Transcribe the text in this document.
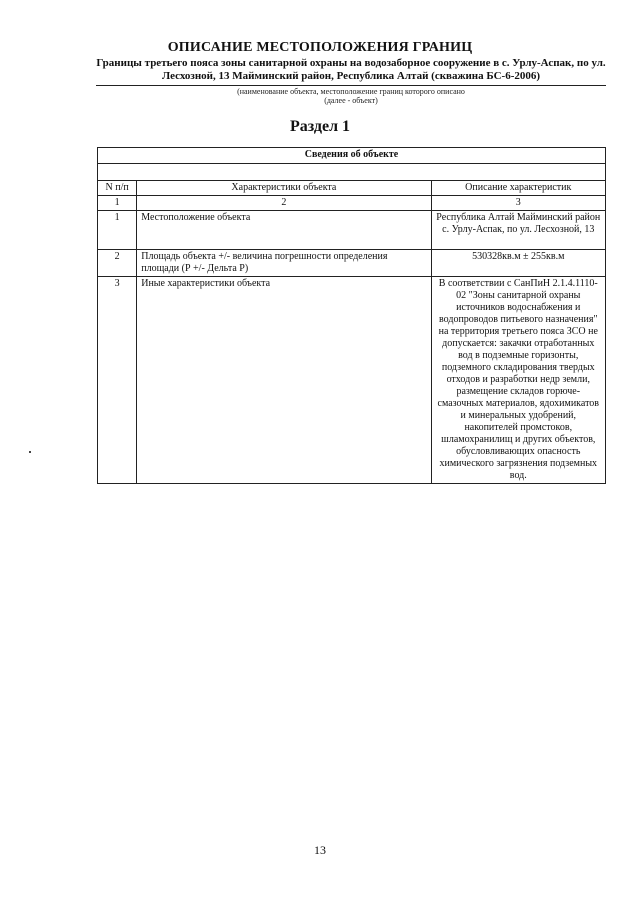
ОПИСАНИЕ МЕСТОПОЛОЖЕНИЯ ГРАНИЦ
Границы третьего пояса зоны санитарной охраны на водозаборное сооружение в с. Урлу-Аспак, по ул. Лесхозной, 13 Майминский район, Республика Алтай (скважина БС-6-2006)
(наименование объекта, местоположение границ которого описано
(далее - объект)
Раздел 1
Сведения об объекте		

N п/п	Характеристики объекта	Описание характеристик
1	2	3
1	Местоположение объекта	Республика Алтай Майминский район с. Урлу-Аспак, по ул. Лесхозной, 13
2	Площадь объекта +/- величина погрешности определения площади (Р +/- Дельта Р)	530328кв.м ± 255кв.м
3	Иные характеристики объекта	В соответствии с СанПиН 2.1.4.1110-02 "Зоны санитарной охраны источников водоснабжения и водопроводов питьевого назначения" на территория третьего пояса ЗСО не допускается: закачки отработанных вод в подземные горизонты, подземного складирования твердых отходов и разработки недр земли, размещение складов горюче-смазочных материалов, ядохимикатов и минеральных удобрений, накопителей промстоков, шламохранилищ и других объектов, обусловливающих опасность химического загрязнения подземных вод.
13
